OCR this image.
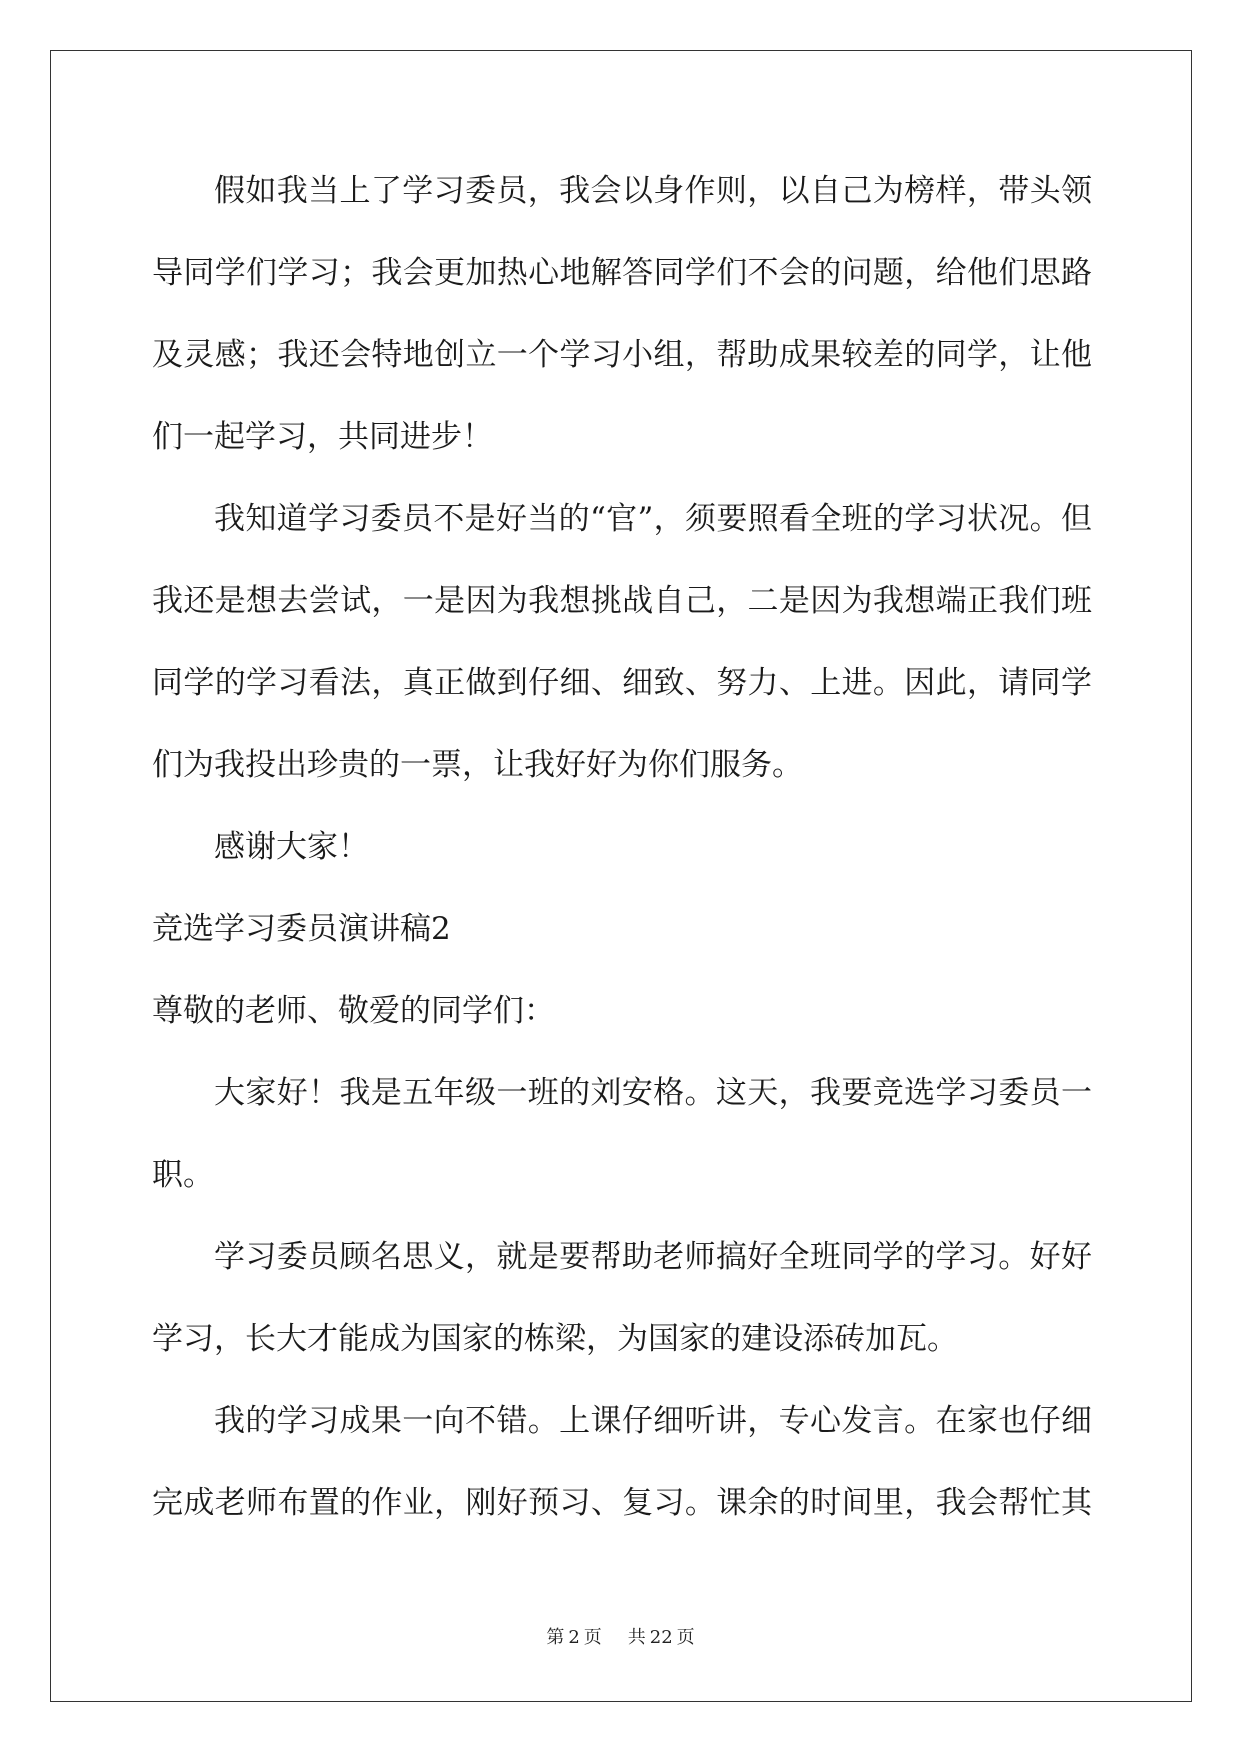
假如我当上了学习委员，我会以身作则，以自己为榜样，带头领
导同学们学习；我会更加热心地解答同学们不会的问题，给他们思路
及灵感；我还会特地创立一个学习小组，帮助成果较差的同学，让他
们一起学习，共同进步！
我知道学习委员不是好当的“官”，须要照看全班的学习状况。但
我还是想去尝试，一是因为我想挑战自己，二是因为我想端正我们班
同学的学习看法，真正做到仔细、细致、努力、上进。因此，请同学
们为我投出珍贵的一票，让我好好为你们服务。
感谢大家！
竞选学习委员演讲稿2
尊敬的老师、敬爱的同学们：
大家好！我是五年级一班的刘安格。这天，我要竞选学习委员一
职。
学习委员顾名思义，就是要帮助老师搞好全班同学的学习。好好
学习，长大才能成为国家的栋梁，为国家的建设添砖加瓦。
我的学习成果一向不错。上课仔细听讲，专心发言。在家也仔细
完成老师布置的作业，刚好预习、复习。课余的时间里，我会帮忙其
第 2 页 共 22 页
